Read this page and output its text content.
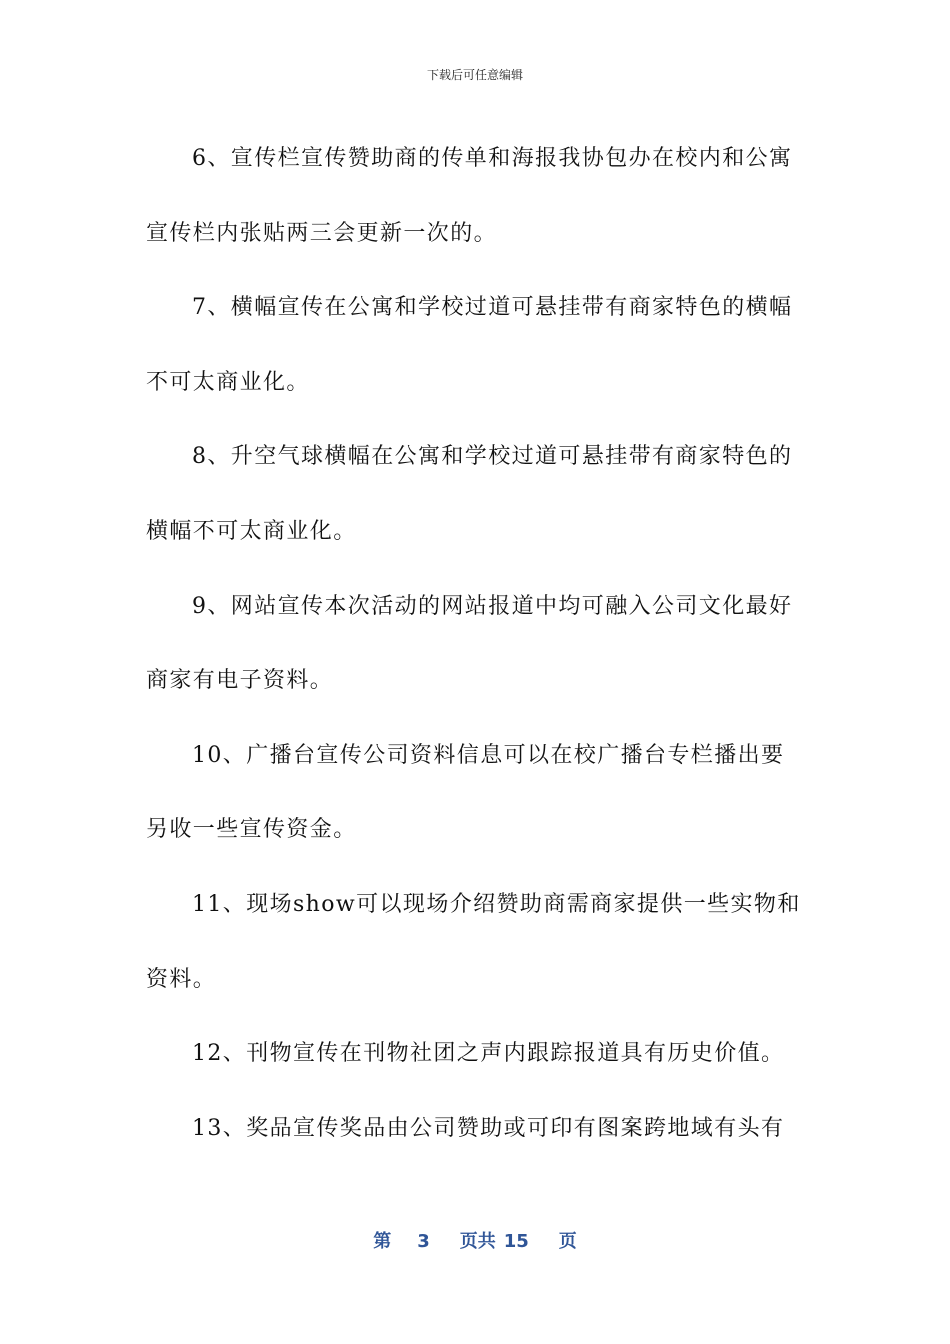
下载后可任意编辑

6、宣传栏宣传赞助商的传单和海报我协包办在校内和公寓
宣传栏内张贴两三会更新一次的。

7、横幅宣传在公寓和学校过道可悬挂带有商家特色的横幅
不可太商业化。

8、升空气球横幅在公寓和学校过道可悬挂带有商家特色的
横幅不可太商业化。

9、网站宣传本次活动的网站报道中均可融入公司文化最好
商家有电子资料。

10、广播台宣传公司资料信息可以在校广播台专栏播出要
另收一些宣传资金。

11、现场show可以现场介绍赞助商需商家提供一些实物和
资料。

12、刊物宣传在刊物社团之声内跟踪报道具有历史价值。

13、奖品宣传奖品由公司赞助或可印有图案跨地域有头有

第 3 页共 15 页
